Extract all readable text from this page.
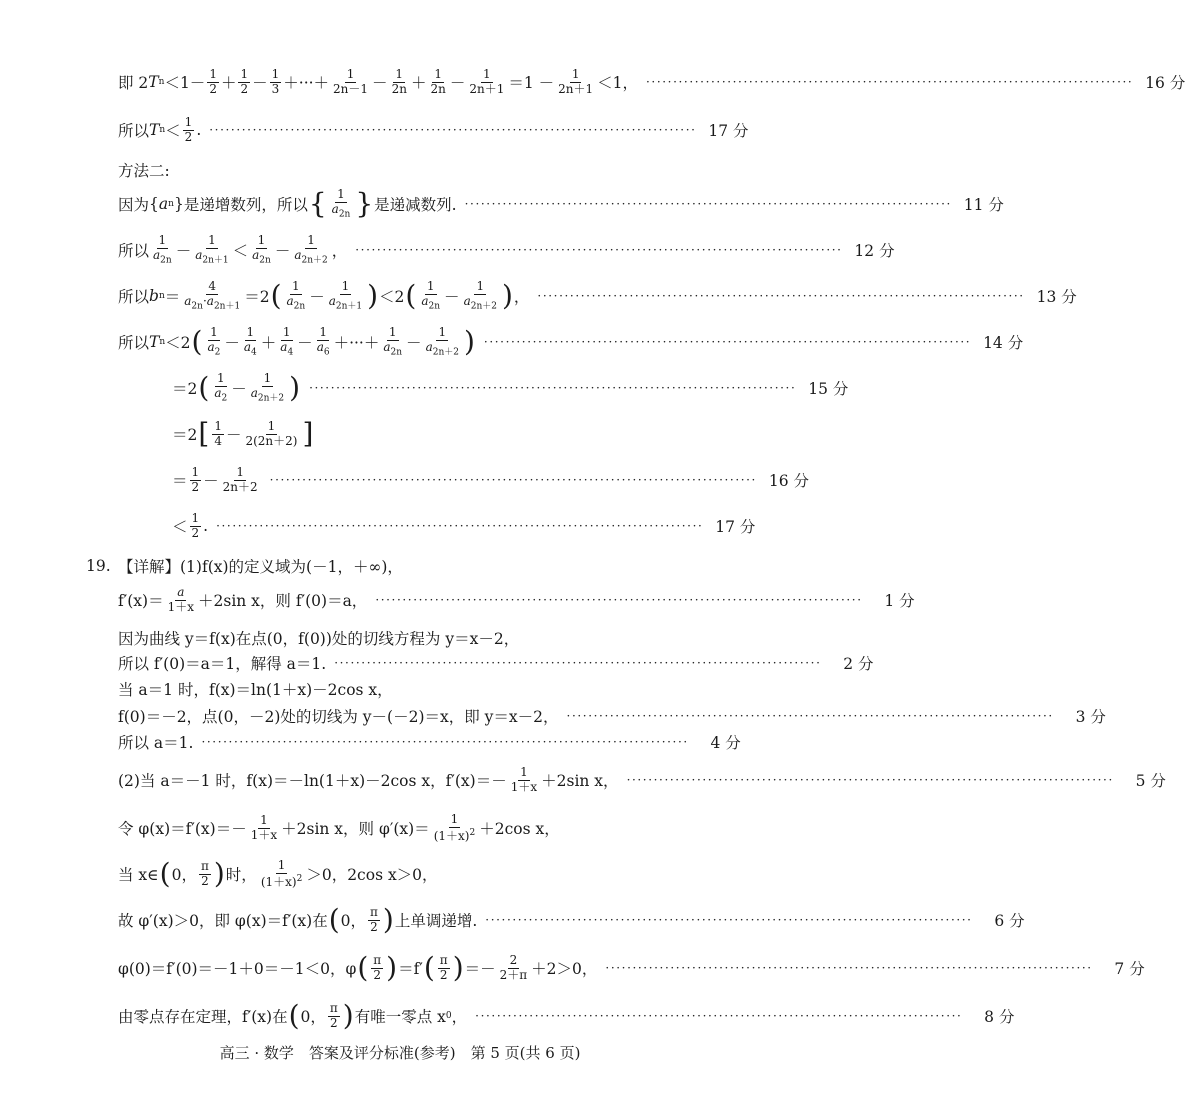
即 2 T $n <1- \frac{1}{2} + \frac{1}{2} - \frac{1}{3}$ ＋···＋ $\frac{1}{2n-1} - \frac{1}{2n} + \frac{1}{2n} - \frac{1}{2n+1} =1 - \frac{1}{2n+1} <1$， ·························································································· 16 分
所以 T $n < \frac{1}{2}$ . ·························································································· 17 分
方法二:
因为 { a n } 是递增数列，所以 { $\frac{1}{a_{2n}}$ } 是递减数列. ·························································································· 11 分
所以 $\frac{1}{a_{2n}} - \frac{1}{a_{2n+1}} < \frac{1}{a_{2n}} - \frac{1}{a_{2n+2}}$ ， ·························································································· 12 分
所以 b $n = \frac{4}{a_{2n}\cdot a_{2n+1}} =2$ ( $\frac{1}{a_{2n}} - \frac{1}{a_{2n+1}}$ ) ＜2 ( $\frac{1}{a_{2n}} - \frac{1}{a_{2n+2}}$ ) ， ·························································································· 13 分
所以 T n ＜2 ( $\frac{1}{a_2} - \frac{1}{a_4} + \frac{1}{a_4} - \frac{1}{a_6}$ ＋···＋ $\frac{1}{a_{2n}} - \frac{1}{a_{2n+2}}$ ) ·························································································· 14 分
＝2 ( $\frac{1}{a_2} - \frac{1}{a_{2n+2}}$ ) ·························································································· 15 分
＝2 [ $\frac{1}{4} - \frac{1}{2(2n+2)}$ ]
＝ $\frac{1}{2} - \frac{1}{2n+2}$ ·························································································· 16 分
＜ $\frac{1}{2}$ . ·························································································· 17 分
19. 【详解】(1)f(x)的定义域为(－1，＋∞)，
$f'(x)= \frac{a}{1+x} +2\sin$ x，则 f′(0)＝a， ··························································································	1 分
因为曲线 y＝f(x)在点(0，f(0))处的切线方程为 y＝x－2，
所以 f′(0)＝a＝1，解得 a＝1. ··························································································	2 分
当 a＝1 时，f(x)＝ln(1＋x)－2cos x，
f(0)＝－2，点(0，－2)处的切线为 y－(－2)＝x，即 y＝x－2， ··························································································	3 分
所以 a＝1. ··························································································	4 分
(2)当 a＝－1 时，f(x)＝－ln(1＋x)－2cos x，$f'(x)=- \frac{1}{1+x} +2\sin$ x， ··························································································	5 分
令 $\varphi(x)=f'(x)=- \frac{1}{1+x} +2\sin$ x，则 $\varphi'(x)= \frac{1}{(1+x)^2} +2\cos$ x，
当 x∈ ( 0， $\frac{\pi}{2}$ ) 时， $\frac{1}{(1+x)^2} >0$，2cos x＞0，
故 φ′(x)＞0，即 φ(x)＝f′(x)在 ( 0， $\frac{\pi}{2}$ ) 上单调递增. ··························································································	6 分
φ(0)＝f′(0)＝－1＋0＝－1＜0，φ ( $\frac{\pi}{2}$ ) ＝f′ ( $\frac{\pi}{2}$ ) ＝－ $\frac{2}{2+\pi} +2>0$， ··························································································	7 分
由零点存在定理，f′(x)在 ( 0， $\frac{\pi}{2}$ ) 有唯一零点 x 0 ， ··························································································	8 分
高三 · 数学　答案及评分标准(参考)　第 5 页(共 6 页)
